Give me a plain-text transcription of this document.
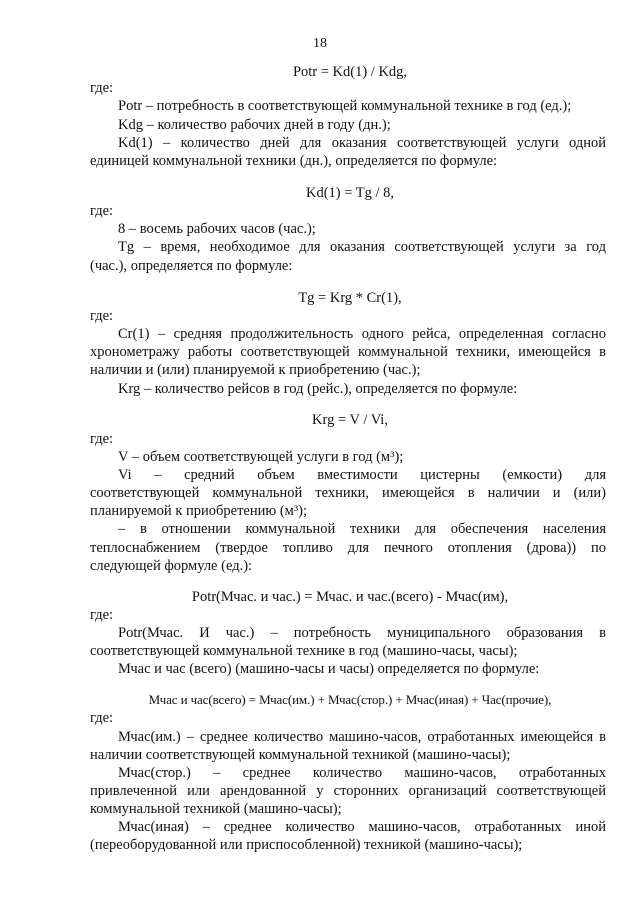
18
Potr = Kd(1) / Kdg,
где:
Potr – потребность в соответствующей коммунальной технике в год (ед.);
Kdg – количество рабочих дней в году (дн.);
Kd(1) – количество дней для оказания соответствующей услуги одной
единицей коммунальной техники (дн.), определяется по формуле:
Kd(1) = Tg / 8,
где:
8 – восемь рабочих часов (час.);
Tg – время, необходимое для оказания соответствующей услуги за год
(час.), определяется по формуле:
Tg = Krg * Cr(1),
где:
Cr(1) – средняя продолжительность одного рейса, определенная согласно
хронометражу работы соответствующей коммунальной техники, имеющейся в
наличии и (или) планируемой к приобретению (час.);
Krg – количество рейсов в год (рейс.), определяется по формуле:
Krg = V / Vi,
где:
V – объем соответствующей услуги в год (м³);
Vi – средний объем вместимости цистерны (емкости) для
соответствующей коммунальной техники, имеющейся в наличии и (или)
планируемой к приобретению (м³);
– в отношении коммунальной техники для обеспечения населения
теплоснабжением (твердое топливо для печного отопления (дрова)) по
следующей формуле (ед.):
Potr(Мчас. и час.) = Мчас. и час.(всего) - Мчас(им),
где:
Potr(Мчас. И час.) – потребность муниципального образования в
соответствующей коммунальной технике в год (машино-часы, часы);
Мчас и час (всего) (машино-часы и часы) определяется по формуле:
Мчас и час(всего) = Мчас(им.) + Мчас(стор.) + Мчас(иная) + Час(прочие),
где:
Мчас(им.) – среднее количество машино-часов, отработанных имеющейся в
наличии соответствующей коммунальной техникой (машино-часы);
Мчас(стор.) – среднее количество машино-часов, отработанных
привлеченной или арендованной у сторонних организаций соответствующей
коммунальной техникой (машино-часы);
Мчас(иная) – среднее количество машино-часов, отработанных иной
(переоборудованной или приспособленной) техникой (машино-часы);
